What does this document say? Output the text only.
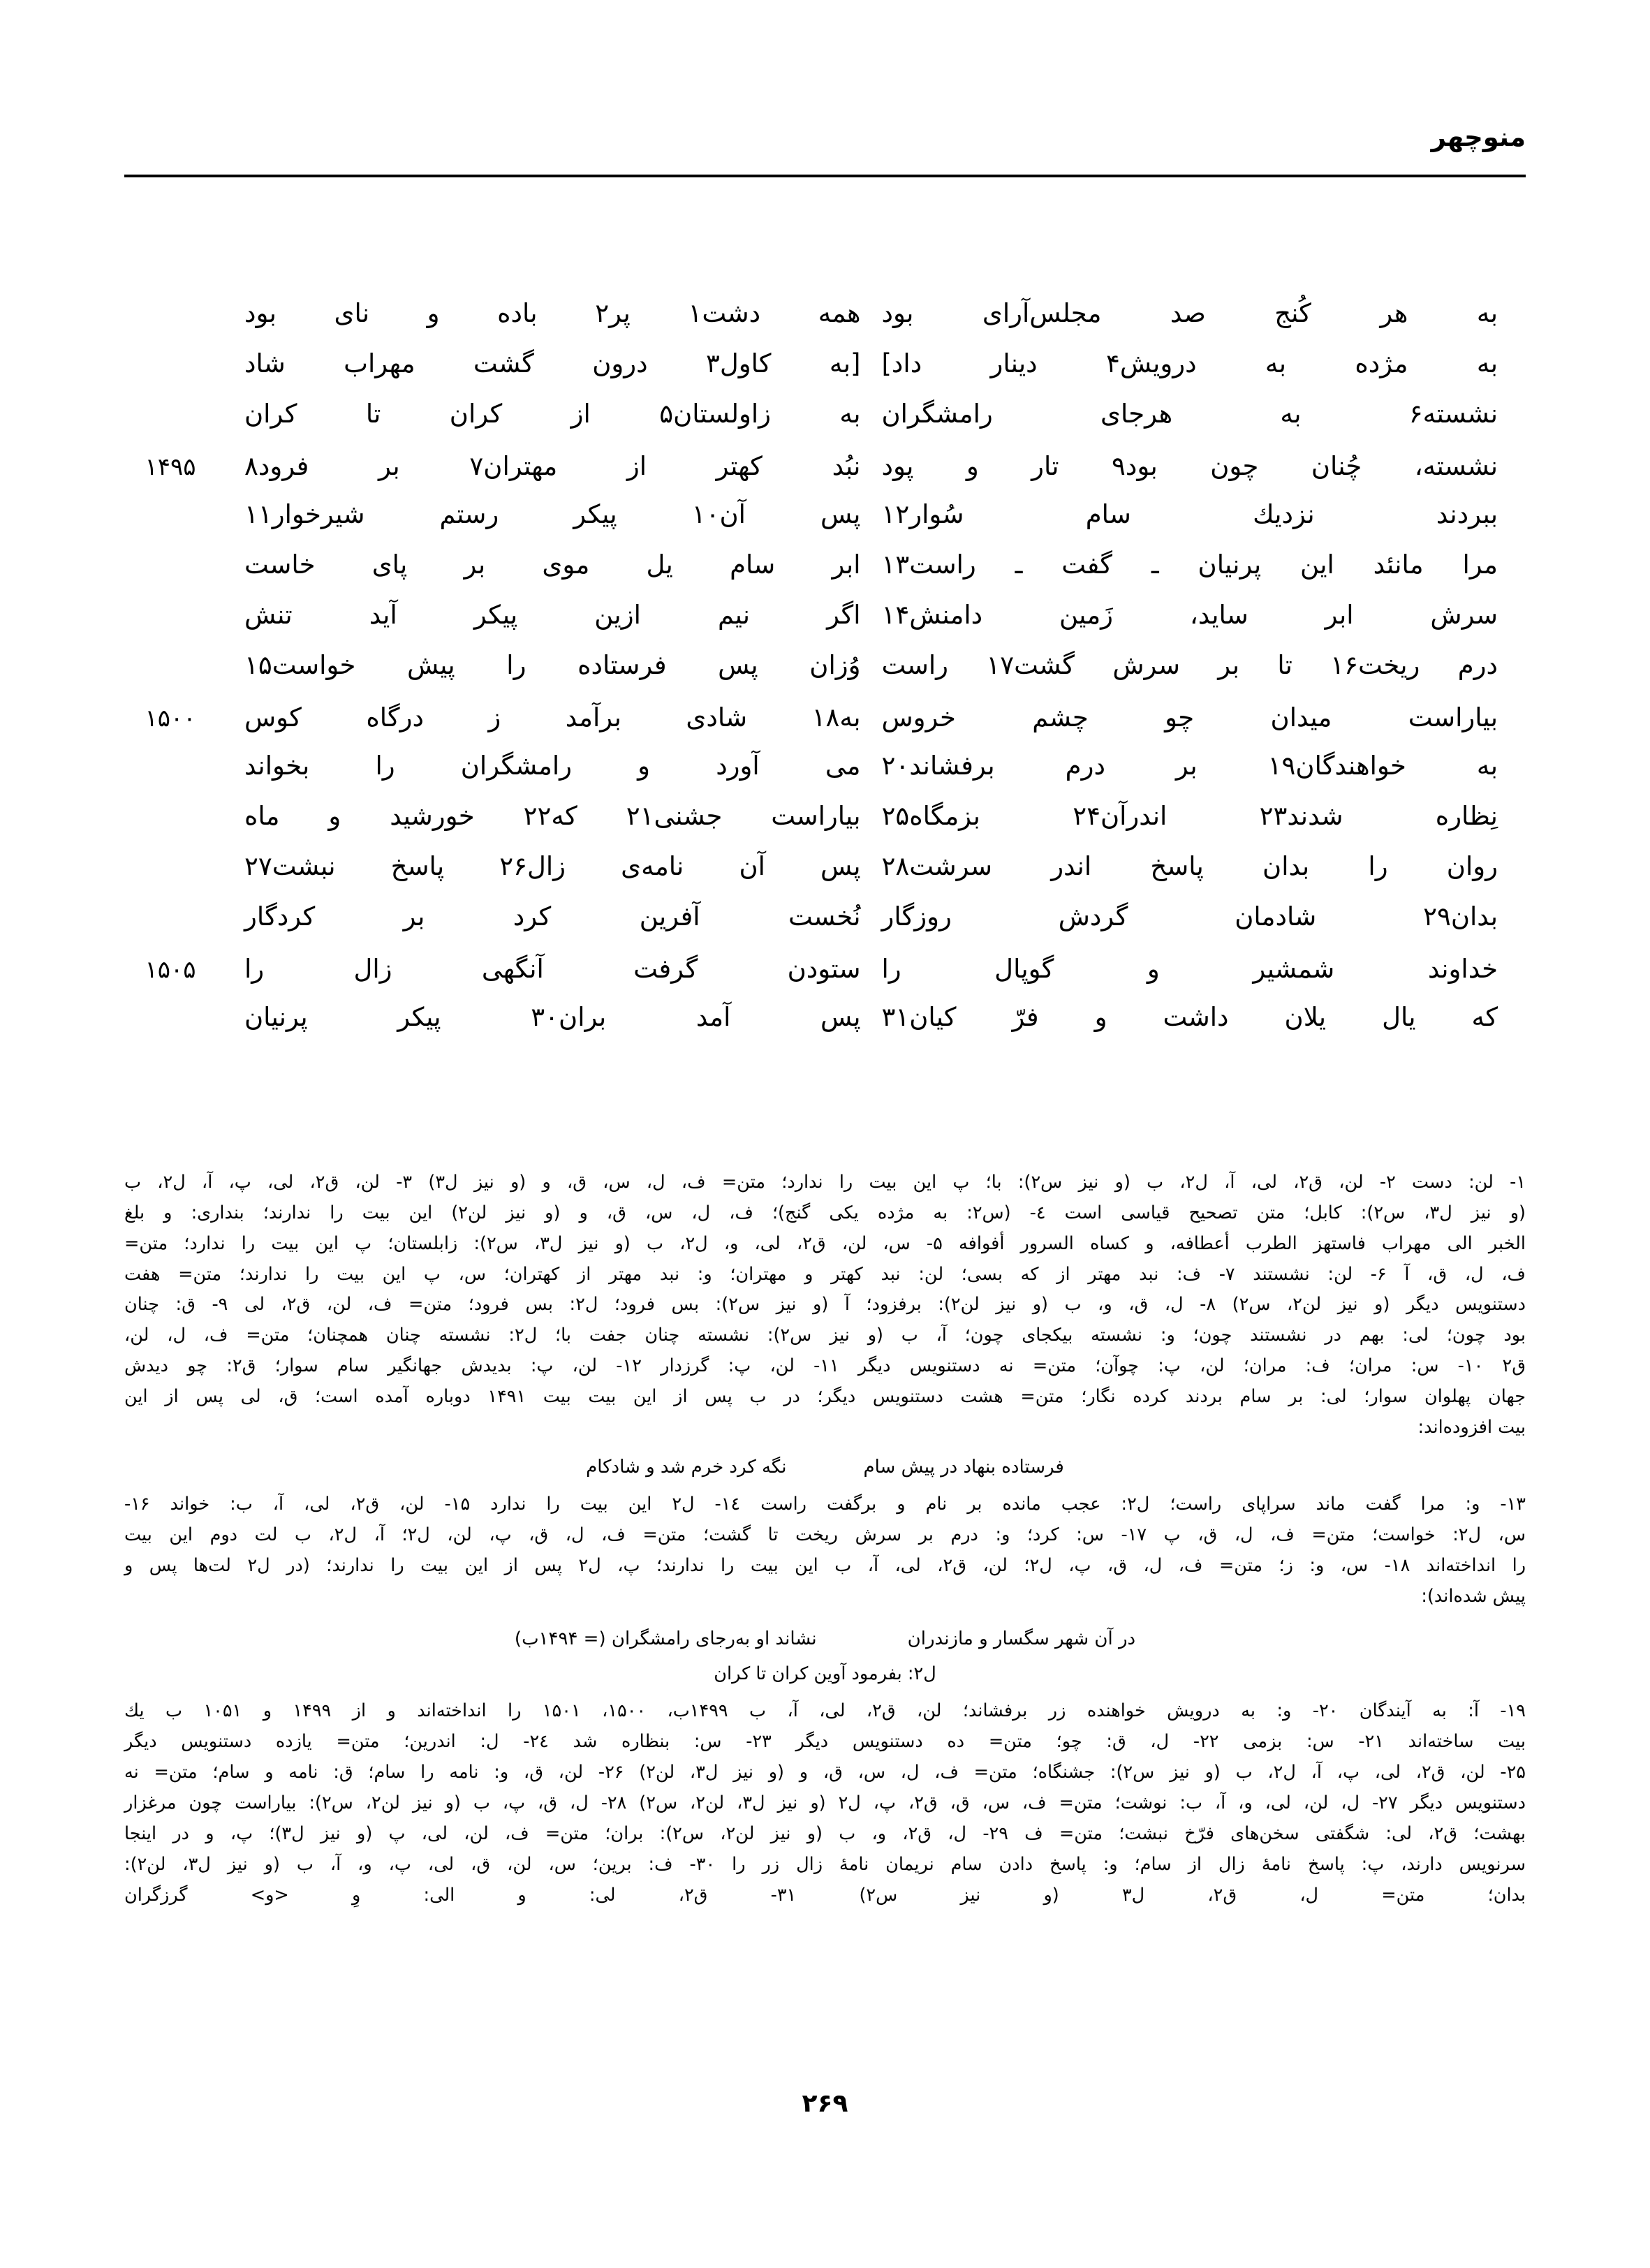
منوچهر
به هر کُنج صد مجلس‌آراى بود
همه دشت۱ پر۲ باده و ناى بود
به مژده به درویش۴ دینار داد]
[به کاول۳ درون گشت مهراب شاد
نشسته۶ به هرجاى رامشگران
به زاولستان۵ از کران تا کران
نشسته، چُنان چون بود۹ تار و پود
نبُد کهتر از مهتران۷ بر فرود۸
۱۴۹۵
ببردند نزدیك سام سُوار۱۲
پس آن۱۰ پیکر رستم شیرخوار۱۱
مرا مانئد این پرنیان ـ گفت ـ راست۱۳
ابر سام یل موى بر پاى خاست
سرش ابر ساید، زَمین دامنش۱۴
اگر نیم ازین پیکر آید تنش
درم ریخت۱۶ تا بر سرش گشت۱۷ راست
وُزان پس فرستاده را پیش خواست۱۵
بیاراست میدان چو چشم خروس
به۱۸ شادى برآمد ز درگاه کوس
۱۵۰۰
به خواهندگان۱۹ بر درم برفشاند۲۰
مى آورد و رامشگران را بخواند
نِظاره شدند۲۳ اندرآن۲۴ بزمگاه۲۵
بیاراست جشنى۲۱ که۲۲ خورشید و ماه
روان را بدان پاسخ اندر سرشت۲۸
پس آن نامه‌ى زال۲۶ پاسخ نبشت۲۷
بدان۲۹ شادمان گردش روزگار
نُخست آفرین کرد بر کردگار
خداوند شمشیر و گوپال را
ستودن گرفت آنگهى زال را
۱۵۰۵
که یال یلان داشت و فرّ کیان۳۱
پس آمد بران۳۰ پیکر پرنیان
۱- لن: دست ۲- لن، ق۲، لى، آ، ل۲، ب (و نیز س۲): با؛ پ این بیت را ندارد؛ متن= ف، ل، س، ق، و (و نیز ل۳) ۳- لن، ق۲، لى، پ، آ، ل۲، ب
(و نیز ل۳، س۲): کابل؛ متن تصحیح قیاسى است ٤- (س۲: به مژده یکى گنج)؛ ف، ل، س، ق، و (و نیز لن۲) این بیت را ندارند؛ بنداری: و بلغ
الخبر الى مهراب فاستهز الطرب أعطافه، و کساه السرور أفوافه ۵- س، لن، ق۲، لى، و، ل۲، ب (و نیز ل۳، س۲): زابلستان؛ پ این بیت را ندارد؛ متن=
ف، ل، ق، آ ۶- لن: نشستند ۷- ف: نبد مهتر از که بسى؛ لن: نبد کهتر و مهتران؛ و: نبد مهتر از کهتران؛ س، پ این بیت را ندارند؛ متن= هفت
دستنویس دیگر (و نیز لن۲، س۲) ۸- ل، ق، و، ب (و نیز لن۲): برفزود؛ آ (و نیز س۲): بس فرود؛ ل۲: بس فرود؛ متن= ف، لن، ق۲، لى ۹- ق: چنان
بود چون؛ لى: بهم در نشستند چون؛ و: نشسته بیکجاى چون؛ آ، ب (و نیز س۲): نشسته چنان جفت با؛ ل۲: نشسته چنان همچنان؛ متن= ف، ل، لن،
ق۲ ۱۰- س: مران؛ ف: مران؛ لن، پ: چوآن؛ متن= نه دستنویس دیگر ۱۱- لن، پ: گرزدار ۱۲- لن، پ: بدیدش جهانگیر سام سوار؛ ق۲: چو دیدش
جهان پهلوان سوار؛ لى: بر سام بردند کرده نگار؛ متن= هشت دستنویس دیگر؛ در ب پس از این بیت بیت ۱۴۹۱ دوباره آمده است؛ ق، لى پس از این
بیت افزوده‌اند:
فرستاده بنهاد در پیش سام
نگه کرد خرم شد و شادکام
۱۳- و: مرا گفت ماند سراپاى راست؛ ل۲: عجب مانده بر نام و برگفت راست ۱٤- ل۲ این بیت را ندارد ۱۵- لن، ق۲، لى، آ، ب: خواند ۱۶-
س، ل۲: خواست؛ متن= ف، ل، ق، پ ۱۷- س: کرد؛ و: درم بر سرش ریخت تا گشت؛ متن= ف، ل، ق، پ، لن، ل۲؛ آ، ل۲، ب لت دوم این بیت
را انداخته‌اند ۱۸- س، و: ز؛ متن= ف، ل، ق، پ، ل۲؛ لن، ق۲، لى، آ، ب این بیت را ندارند؛ پ، ل۲ پس از این بیت را ندارند؛ (در ل۲ لت‌ها پس و
پیش شده‌اند):
در آن شهر سگسار و مازندران
نشاند او به‌رجاى رامشگران (= ۱۴۹۴ب)
ل۲: بفرمود آوین کران تا کران
۱۹- آ: به آیندگان ۲۰- و: به درویش خواهنده زر برفشاند؛ لن، ق۲، لى، آ، ب ۱۴۹۹ب، ۱۵۰۰، ۱۵۰۱ را انداخته‌اند و از ۱۴۹۹ و ۱۰۵۱ ب یك
بیت ساخته‌اند ۲۱- س: بزمى ۲۲- ل، ق: چو؛ متن= ده دستنویس دیگر ۲۳- س: بنظاره شد ۲٤- ل: اندرین؛ متن= یازده دستنویس دیگر
۲۵- لن، ق۲، لى، پ، آ، ل۲، ب (و نیز س۲): جشنگاه؛ متن= ف، ل، س، ق، و (و نیز ل۳، لن۲) ۲۶- لن، ق، و: نامه را سام؛ ق: نامه و سام؛ متن= نه
دستنویس دیگر ۲۷- ل، لن، لى، و، آ، ب: نوشت؛ متن= ف، س، ق، ق۲، پ، ل۲ (و نیز ل۳، لن۲، س۲) ۲۸- ل، ق، پ، ب (و نیز لن۲، س۲): بیاراست چون مرغزار
بهشت؛ ق۲، لى: شگفتى سخن‌هاى فرّخ نبشت؛ متن= ف ۲۹- ل، ق۲، و، ب (و نیز لن۲، س۲): بران؛ متن= ف، لن، لى، پ (و نیز ل۳)؛ پ، و در اینجا
سرنویس دارند، پ: پاسخ نامهٔ زال از سام؛ و: پاسخ دادن سام نریمان نامهٔ زال زر را ۳۰- ف: برین؛ س، لن، ق، لى، پ، و، آ، ب (و نیز ل۳، لن۲):
بدان؛ متن= ل، ق۲، ل۳ (و نیز س۲) ۳۱- ق۲، لى: و الى: وِ <و> گرزگران
۲۶۹
